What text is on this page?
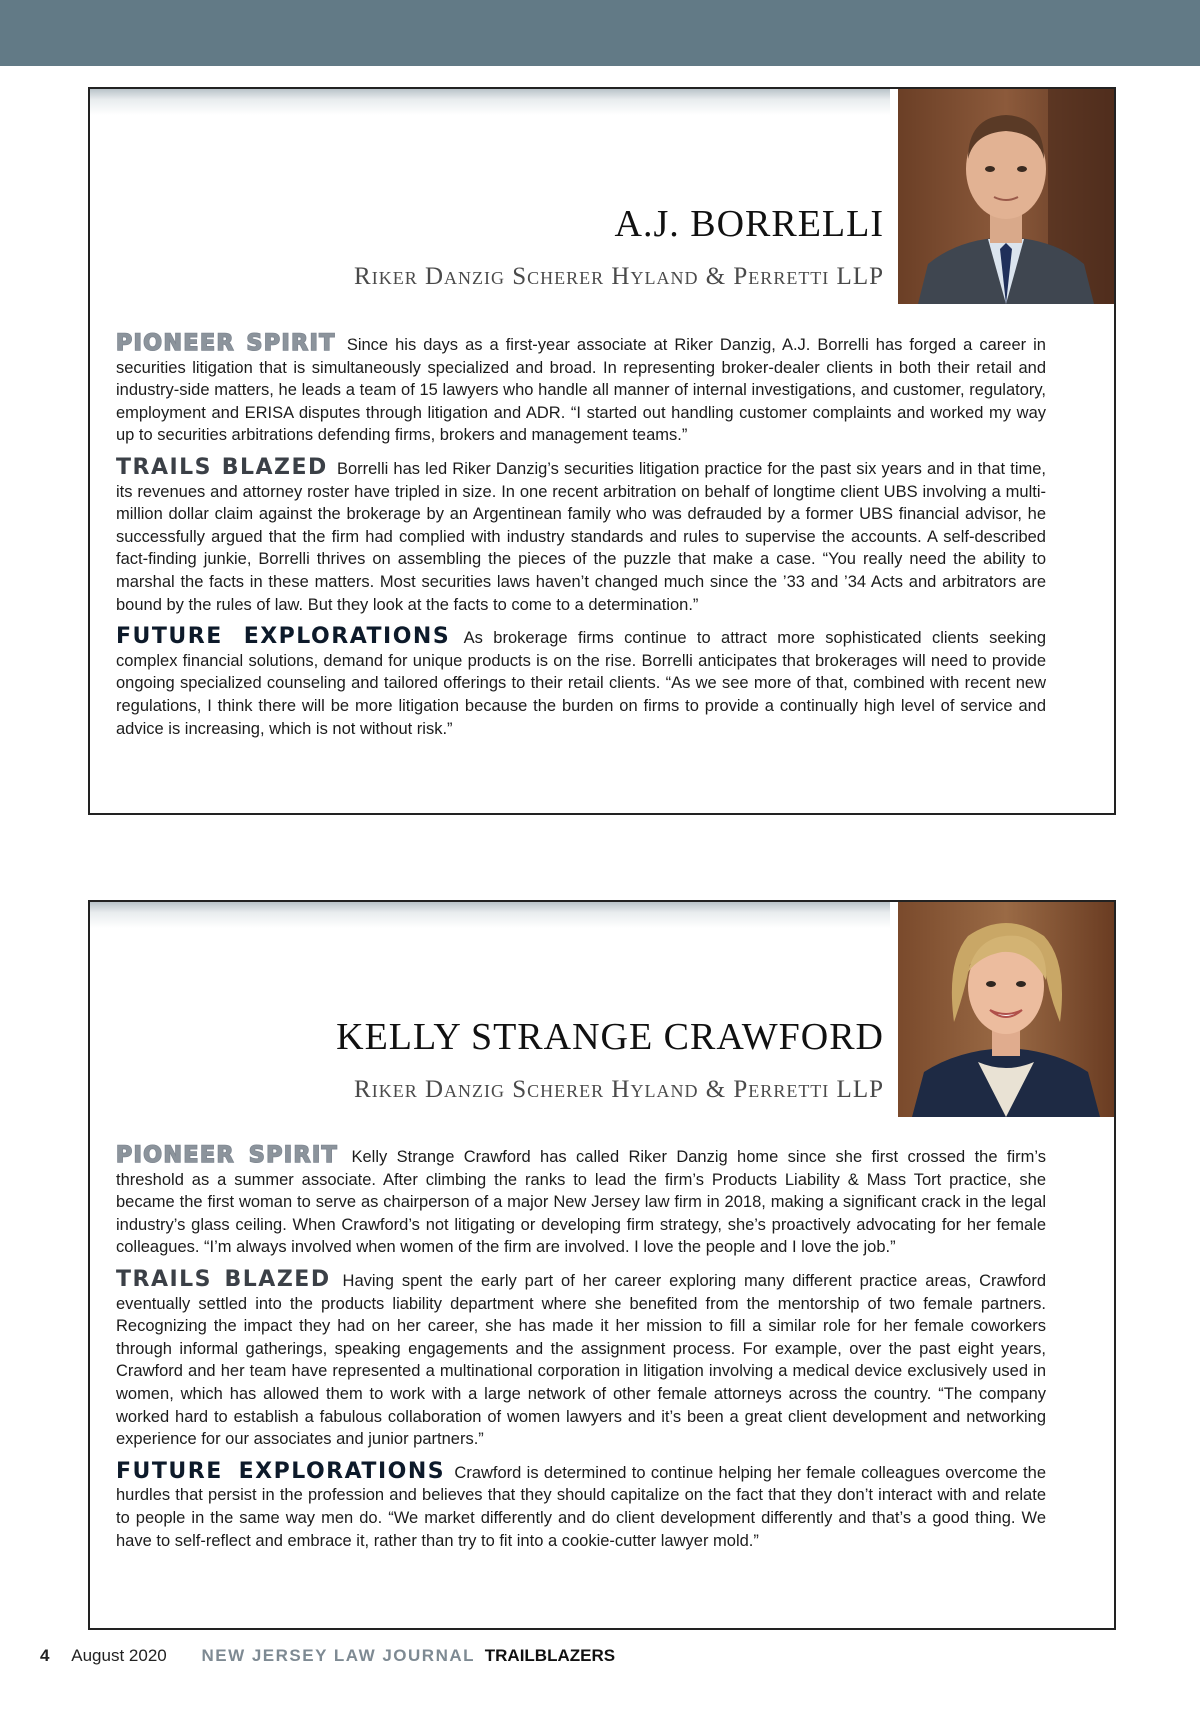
A.J. BORRELLI
Riker Danzig Scherer Hyland & Perretti LLP

PIONEER SPIRIT Since his days as a first-year associate at Riker Danzig, A.J. Borrelli has forged a career in securities litigation that is simultaneously specialized and broad. In representing broker-dealer clients in both their retail and industry-side matters, he leads a team of 15 lawyers who handle all manner of internal investigations, and customer, regulatory, employment and ERISA disputes through litigation and ADR. “I started out handling customer complaints and worked my way up to securities arbitrations defending firms, brokers and management teams.”

TRAILS BLAZED Borrelli has led Riker Danzig’s securities litigation practice for the past six years and in that time, its revenues and attorney roster have tripled in size. In one recent arbitration on behalf of longtime client UBS involving a multi-million dollar claim against the brokerage by an Argentinean family who was defrauded by a former UBS financial advisor, he successfully argued that the firm had complied with industry standards and rules to supervise the accounts. A self-described fact-finding junkie, Borrelli thrives on assembling the pieces of the puzzle that make a case. “You really need the ability to marshal the facts in these matters. Most securities laws haven’t changed much since the ’33 and ’34 Acts and arbitrators are bound by the rules of law. But they look at the facts to come to a determination.”

FUTURE EXPLORATIONS As brokerage firms continue to attract more sophisticated clients seeking complex financial solutions, demand for unique products is on the rise. Borrelli anticipates that brokerages will need to provide ongoing specialized counseling and tailored offerings to their retail clients. “As we see more of that, combined with recent new regulations, I think there will be more litigation because the burden on firms to provide a continually high level of service and advice is increasing, which is not without risk.”

KELLY STRANGE CRAWFORD
Riker Danzig Scherer Hyland & Perretti LLP

PIONEER SPIRIT Kelly Strange Crawford has called Riker Danzig home since she first crossed the firm’s threshold as a summer associate. After climbing the ranks to lead the firm’s Products Liability & Mass Tort practice, she became the first woman to serve as chairperson of a major New Jersey law firm in 2018, making a significant crack in the legal industry’s glass ceiling. When Crawford’s not litigating or developing firm strategy, she’s proactively advocating for her female colleagues. “I’m always involved when women of the firm are involved. I love the people and I love the job.”

TRAILS BLAZED Having spent the early part of her career exploring many different practice areas, Crawford eventually settled into the products liability department where she benefited from the mentorship of two female partners. Recognizing the impact they had on her career, she has made it her mission to fill a similar role for her female coworkers through informal gatherings, speaking engagements and the assignment process. For example, over the past eight years, Crawford and her team have represented a multinational corporation in litigation involving a medical device exclusively used in women, which has allowed them to work with a large network of other female attorneys across the country. “The company worked hard to establish a fabulous collaboration of women lawyers and it’s been a great client development and networking experience for our associates and junior partners.”

FUTURE EXPLORATIONS Crawford is determined to continue helping her female colleagues overcome the hurdles that persist in the profession and believes that they should capitalize on the fact that they don’t interact with and relate to people in the same way men do. “We market differently and do client development differently and that’s a good thing. We have to self-reflect and embrace it, rather than try to fit into a cookie-cutter lawyer mold.”

4 August 2020 NEW JERSEY LAW JOURNAL TRAILBLAZERS
